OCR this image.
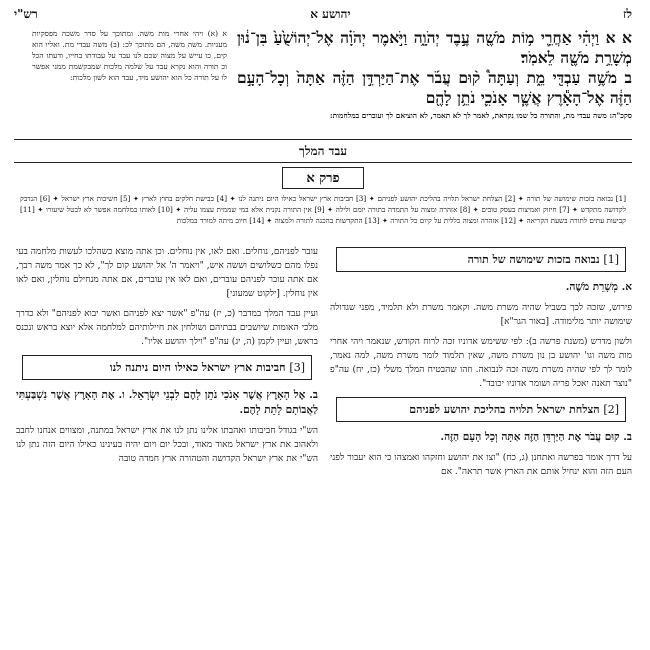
לז
יהושע א
רש"י
א א וַיְהִ֗י אַחֲרֵ֛י מ֥וֹת מֹשֶׁ֖ה עֶ֣בֶד יְהֹוָ֑ה וַיֹּ֣אמֶר יְהֹוָ֗ה אֶל־יְהוֹשֻׁ֙עַ֙ בִּן־נ֔וּן מְשָׁרֵ֥ת מֹשֶׁ֖ה לֵאמֹֽר׃
ב מֹשֶׁ֥ה עַבְדִּ֖י מֵ֑ת וְעַתָּה֩ ק֨וּם עֲבֹ֜ר אֶת־הַיַּרְדֵּ֣ן הַזֶּ֗ה אַתָּה֙ וְכָל־הָעָ֣ם הַזֶּ֔ה אֶל־הָאָ֕רֶץ אֲשֶׁ֧ר אָנֹכִ֛י נֹתֵ֥ן לָהֶ֖ם
סקכ"ה: משה עבדי מת, והתורה כל שמו נקראת, לאמר לך לא תאמר, לא הוציאם לך ועוברים במלחמות:
א (א) ויהי אחרי מות משה. ומתוכך על סדר משכה מפסקיות מעניות. משה משה, הם מתוכך לכ: (ב) משה עבדי מת. ואליו הוא קים, כו עייש על מצוה שכם לנו עבד על עבודתו בחייו, ודעתו הכל וכ תורה והוא נקרא עבד על שלמה מלכות שמבקשמת ממני אפשר לו על תורה כל הוא יהושע מיד, עבד הוא לשון מלכות:
עבד המלך
פרק א
[1] נבואה בזכות שימושה של תורה ✦ [2] הצלחת ישראל תלויה בהליכת יהושע לפניהם ✦ [3] חביבות ארץ ישראל כאילו היום ניתנה לנו ✦ [4] כבישת חלקים בחוץ לארץ ✦ [5] חשיבות ארץ ישראל ✦ [6] הנדבק לקדושה מתקדש ✦ [7] חיזוק ואמיצות בעסק טובים ✦ [8] אזהרה ומצוה על התמדה בתורה יומם ולילה ✦ [9] אין התורה נקנית אלא במי שממית עצמו עליה ✦ [10] לאותו במלחמה אפשר לא לבטל שיעורו ✦ [11] קביעות עתים לתורה בשעת הקריאה ✦ [12] אזהרה ומצוה כללית על קיום כל התורה ✦ [13] התקדשות בהכנה לתורה ולמצוה ✦ [14] חיוב מיתה למורד במלכות
[1] נבואה בזכות שימושה של תורה

א. מְשָׁרֵת מֹשֶׁה.

פירוש, שזכה לכך בשביל שהיה משרת משה. וקאמר משרת ולא תלמיד, מפני שגדולה שימושה יותר מלימודה. [באור הגר"א]

ולשון מדרש (משנת פרשה ב): לפי ששימש אדוניו זכה לרוח הקודש, שנאמר ויהי אחרי מות משה וגו' יהושע בן נון משרת משה, שאין תלמוד לומר משרת משה, למה נאמר, לומר לך לפי שהיה משרת משה זכה לנבואה. וזהו שהבטיח המלך משלי (כז, יח) עה"פ "נוצר תאנה יאכל פריה ושומר אדוניו יכובד".

[2] הצלחת ישראל תלויה בהליכת יהושע לפניהם

ב. קוּם עֲבֹר אֶת הַיַּרְדֵּן הַזֶּה אַתָּה וְכָל הָעָם הַזֶּה.

על דרך אומר בפרשה ואתחנן (ג, כח) "וצו את יהושע וחזקהו ואמצהו כי הוא יעבור לפני העם הזה והוא ינחיל אותם את הארץ אשר תראה". אם

עובר לפניהם, נוחלים. ואם לאו, אין נוחלים. וכן אתה מוצא כשהלכו לעשות מלחמה בעי נפלו מהם כשלושים וששה איש, "ויאמר ה' אל יהושע קום לך", לא כך אמר משה רבך, אם אתה עובר לפניהם עוברים, ואם לאו אין עוברים, אם אתה מנחילם נוחלין, ואם לאו אין נוחלין. [ילקוט שמעוני]

ועיין עבד המלך במדבר (כ, יז) עה"פ "אשר יצא לפניהם ואשר יבוא לפניהם" ולא כדרך מלכי האומות שיושבים בבתיהם ושולחין את חיילותיהם למלחמה אלא יוצא בראש ונכנס בראש, ועיין לקמן (ה, יג) עה"פ "וילך יהושע אליו".

[3] חביבות ארץ ישראל כאילו היום ניתנה לנו

ב. אֶל הָאָרֶץ אֲשֶׁר אָנֹכִי נֹתֵן לָהֶם לִבְנֵי יִשְׂרָאֵל. ו. אֶת הָאָרֶץ אֲשֶׁר נִשְׁבַּעְתִּי לַאֲבוֹתָם לָתֵת לָהֶם.

הש"י בגודל חביבותו ואהבתו אלינו נתן לנו את ארץ ישראל במתנה, ומצווים אנחנו לחבב ולאהוב את ארץ ישראל מאוד מאוד, ובכל יום ויום יהיה בעינינו כאילו היום הזה נתן לנו הש"י את ארץ ישראל הקדושה והטהורה ארץ חמדה טובה
